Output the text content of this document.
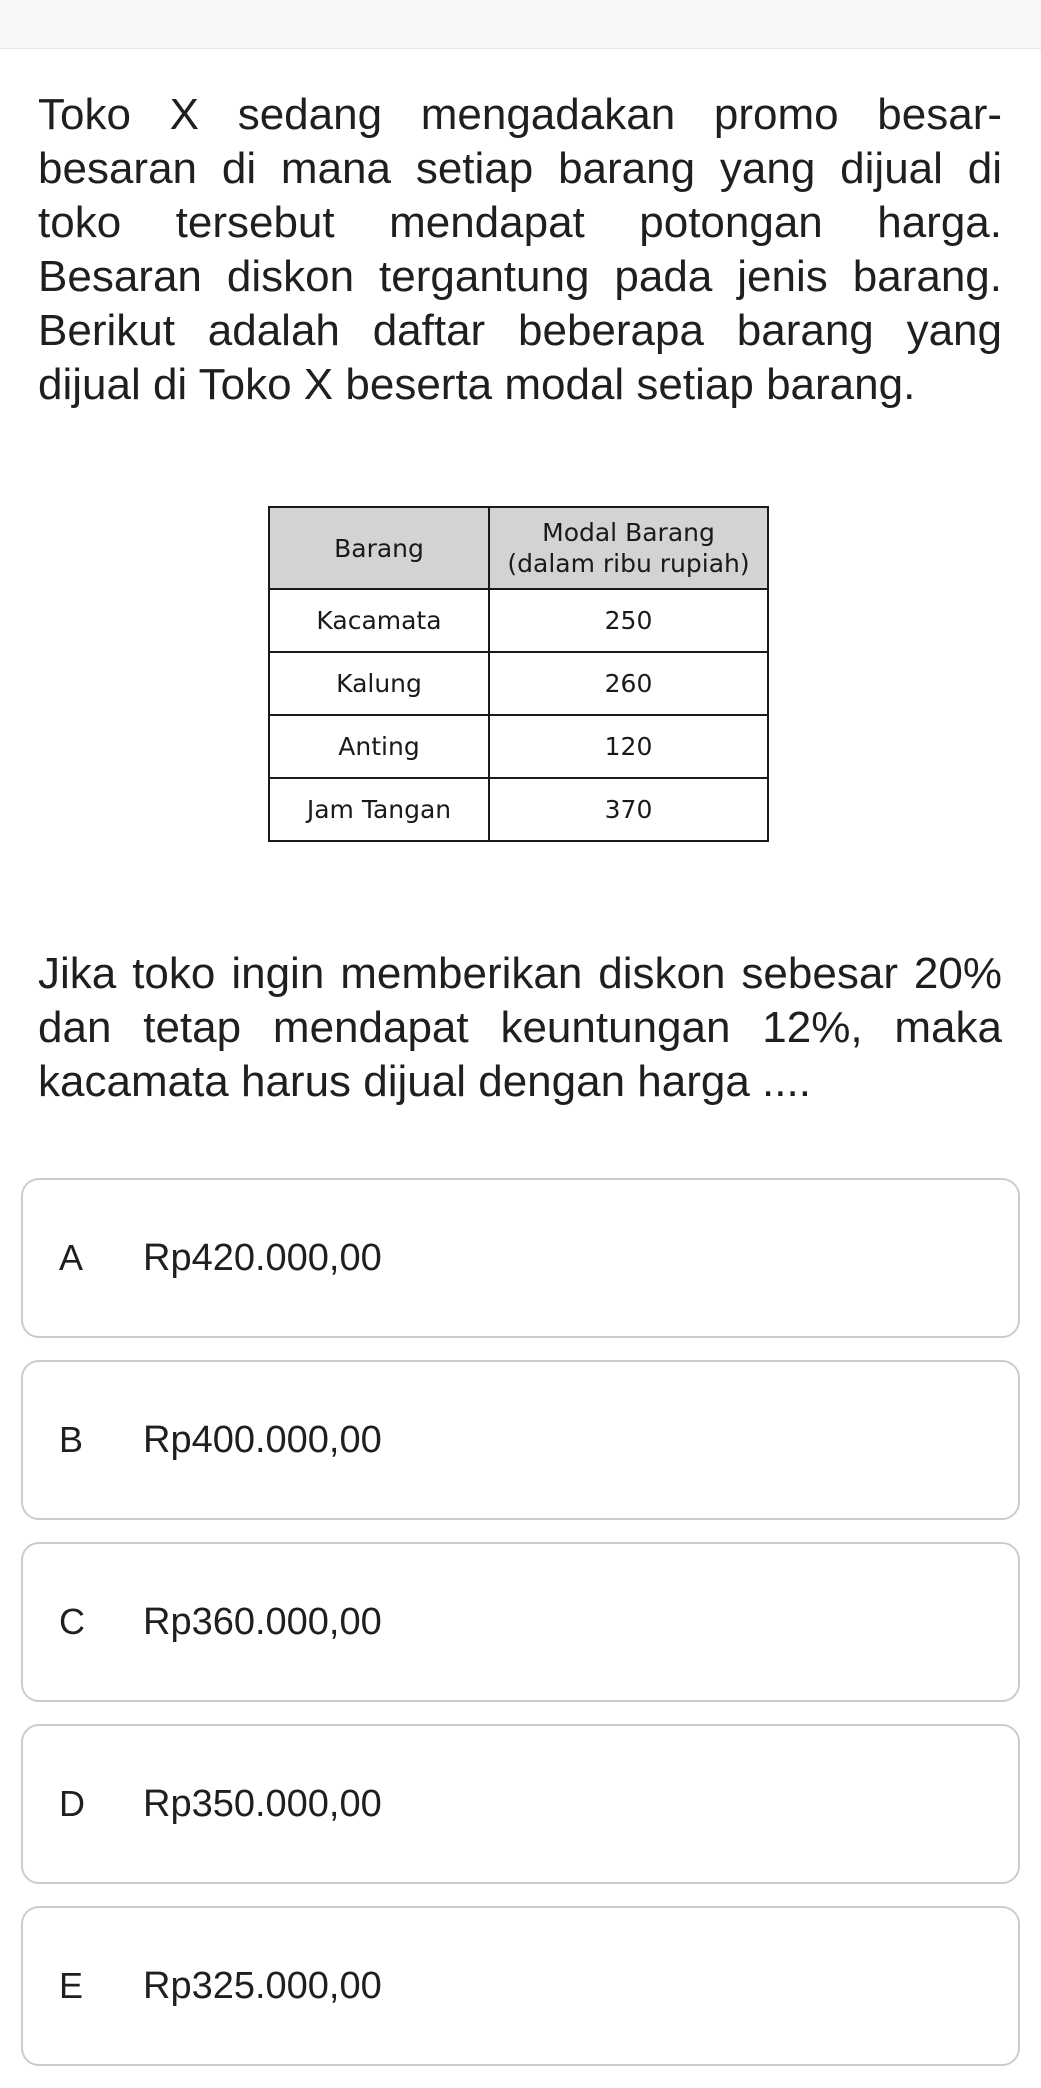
Toko X sedang mengadakan promo besar-besaran di mana setiap barang yang dijual di toko tersebut mendapat potongan harga. Besaran diskon tergantung pada jenis barang. Berikut adalah daftar beberapa barang yang dijual di Toko X beserta modal setiap barang.

Barang	Modal Barang
(dalam ribu rupiah)
Kacamata	250
Kalung	260
Anting	120
Jam Tangan	370

Jika toko ingin memberikan diskon sebesar 20% dan tetap mendapat keuntungan 12%, maka kacamata harus dijual dengan harga ....

A	Rp420.000,00
B	Rp400.000,00
C	Rp360.000,00
D	Rp350.000,00
E	Rp325.000,00
